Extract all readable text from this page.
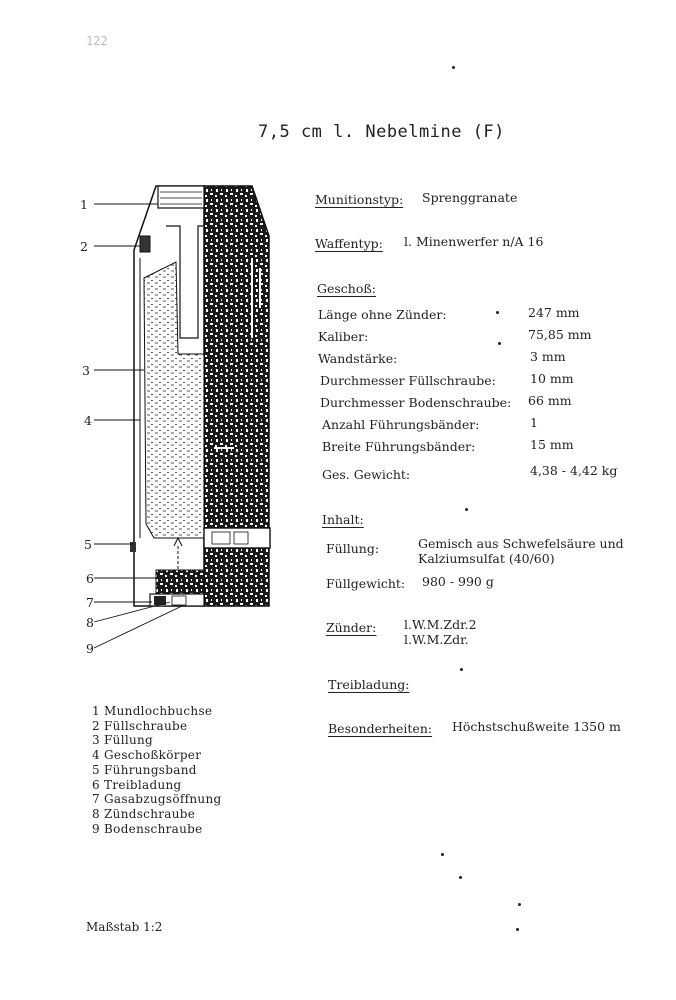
122
7,5 cm l. Nebelmine (F)
1
2
3
4
5
6
7
8
9
Munitionstyp: Sprenggranate
Waffentyp: l. Minenwerfer n/A 16
Geschoß:
Länge ohne Zünder:	247 mm
Kaliber:	75,85 mm
Wandstärke:	3 mm
Durchmesser Füllschraube:	10 mm
Durchmesser Bodenschraube: 66 mm
Anzahl Führungsbänder:	1
Breite Führungsbänder:	15 mm
Ges. Gewicht:	4,38 - 4,42 kg
Inhalt:
Füllung:	Gemisch aus Schwefelsäure und
Kalziumsulfat (40/60)
Füllgewicht: 980 - 990 g
Zünder: l.W.M.Zdr.2
l.W.M.Zdr.
Treibladung:
Besonderheiten: Höchstschußweite 1350 m
1 Mundlochbuchse
2 Füllschraube
3 Füllung
4 Geschoßkörper
5 Führungsband
6 Treibladung
7 Gasabzugsöffnung
8 Zündschraube
9 Bodenschraube
Maßstab 1:2
